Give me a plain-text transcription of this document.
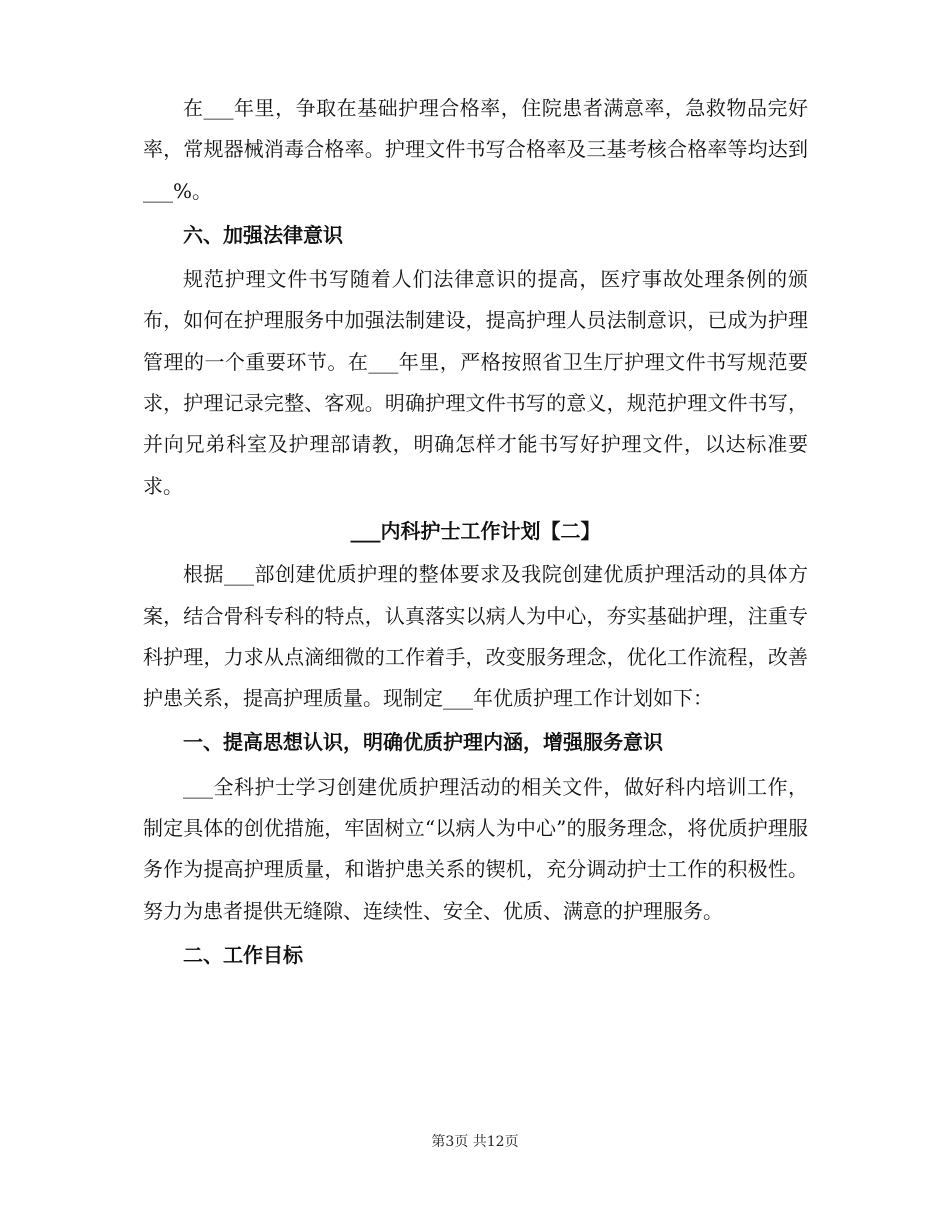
在___年里，争取在基础护理合格率，住院患者满意率，急救物品完好率，常规器械消毒合格率。护理文件书写合格率及三基考核合格率等均达到___%。

六、加强法律意识

规范护理文件书写随着人们法律意识的提高，医疗事故处理条例的颁布，如何在护理服务中加强法制建设，提高护理人员法制意识，已成为护理管理的一个重要环节。在___年里，严格按照省卫生厅护理文件书写规范要求，护理记录完整、客观。明确护理文件书写的意义，规范护理文件书写，并向兄弟科室及护理部请教，明确怎样才能书写好护理文件，以达标准要求。

___内科护士工作计划【二】

根据___部创建优质护理的整体要求及我院创建优质护理活动的具体方案，结合骨科专科的特点，认真落实以病人为中心，夯实基础护理，注重专科护理，力求从点滴细微的工作着手，改变服务理念，优化工作流程，改善护患关系，提高护理质量。现制定___年优质护理工作计划如下：

一、提高思想认识，明确优质护理内涵，增强服务意识

___全科护士学习创建优质护理活动的相关文件，做好科内培训工作，制定具体的创优措施，牢固树立“以病人为中心”的服务理念，将优质护理服务作为提高护理质量，和谐护患关系的锲机，充分调动护士工作的积极性。努力为患者提供无缝隙、连续性、安全、优质、满意的护理服务。

二、工作目标

第3页 共12页
